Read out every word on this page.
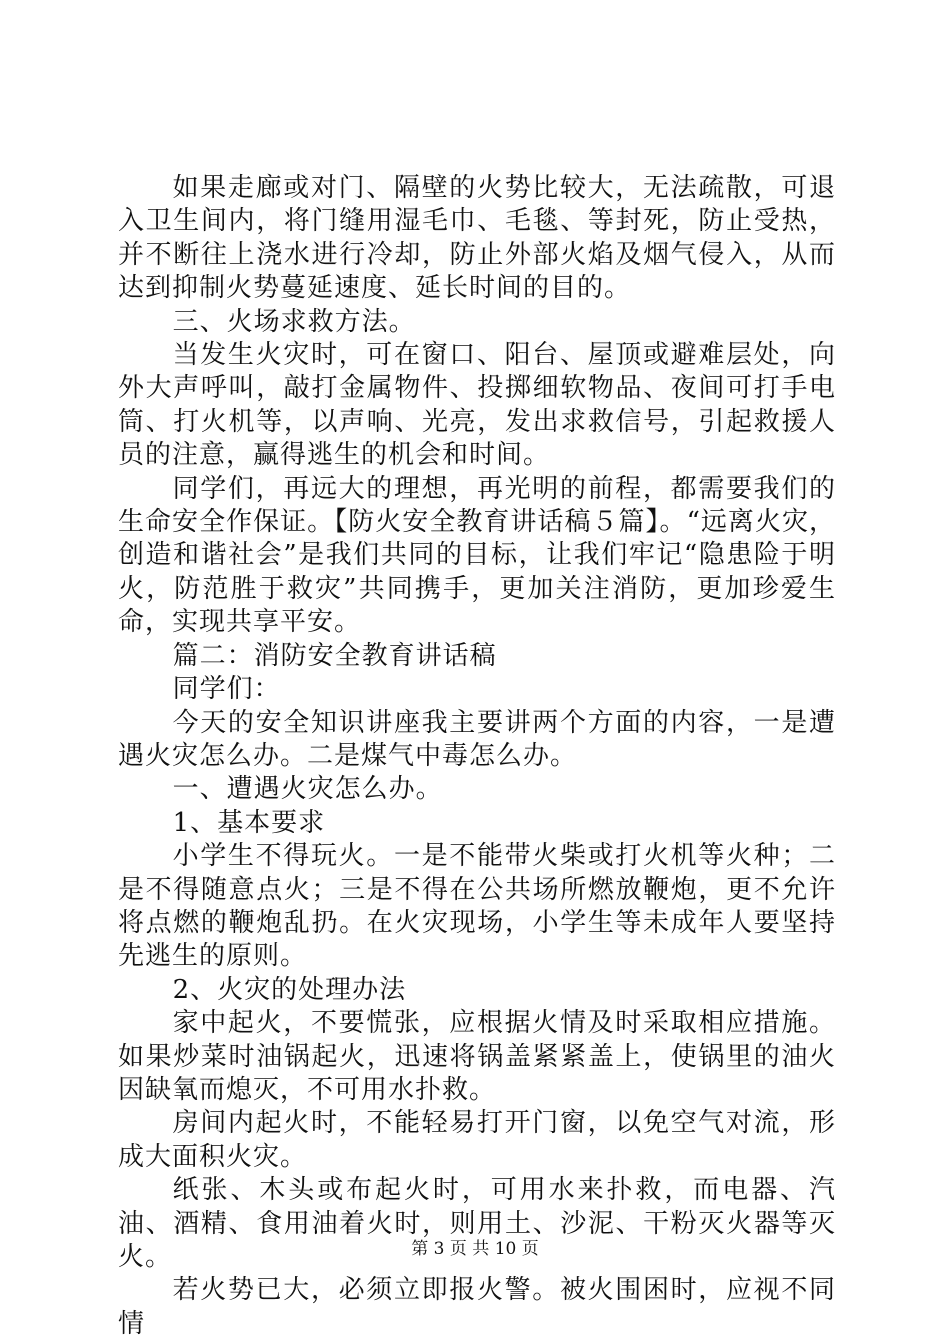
如果走廊或对门、隔壁的火势比较大，无法疏散，可退入卫生间内，将门缝用湿毛巾、毛毯、等封死，防止受热，并不断往上浇水进行冷却，防止外部火焰及烟气侵入，从而达到抑制火势蔓延速度、延长时间的目的。

三、火场求救方法。

当发生火灾时，可在窗口、阳台、屋顶或避难层处，向外大声呼叫，敲打金属物件、投掷细软物品、夜间可打手电筒、打火机等，以声响、光亮，发出求救信号，引起救援人员的注意，赢得逃生的机会和时间。

同学们，再远大的理想，再光明的前程，都需要我们的生命安全作保证。【防火安全教育讲话稿５篇】。“远离火灾，创造和谐社会”是我们共同的目标，让我们牢记“隐患险于明火，防范胜于救灾”共同携手，更加关注消防，更加珍爱生命，实现共享平安。

篇二：消防安全教育讲话稿

同学们：

今天的安全知识讲座我主要讲两个方面的内容，一是遭遇火灾怎么办。二是煤气中毒怎么办。

一、遭遇火灾怎么办。

1、基本要求

小学生不得玩火。一是不能带火柴或打火机等火种；二是不得随意点火；三是不得在公共场所燃放鞭炮，更不允许将点燃的鞭炮乱扔。在火灾现场，小学生等未成年人要坚持先逃生的原则。

2、火灾的处理办法

家中起火，不要慌张，应根据火情及时采取相应措施。如果炒菜时油锅起火，迅速将锅盖紧紧盖上，使锅里的油火因缺氧而熄灭，不可用水扑救。

房间内起火时，不能轻易打开门窗，以免空气对流，形成大面积火灾。

纸张、木头或布起火时，可用水来扑救，而电器、汽油、酒精、食用油着火时，则用土、沙泥、干粉灭火器等灭火。

若火势已大，必须立即报火警。被火围困时，应视不同情

第 3 页 共 10 页
